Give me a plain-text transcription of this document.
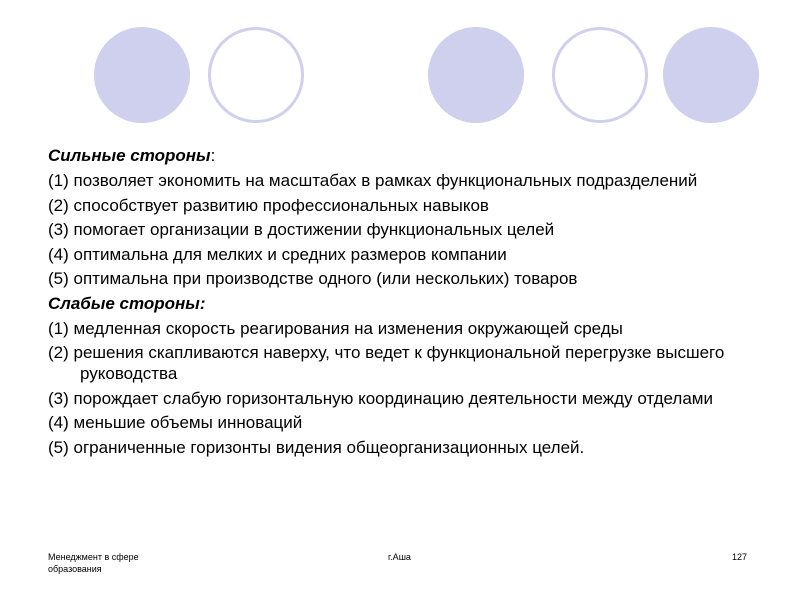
Сильные стороны:

(1) позволяет экономить на масштабах в рамках функциональных подразделений

(2) способствует развитию профессиональных навыков

(3) помогает организации в достижении функциональных целей

(4) оптимальна для мелких и средних размеров компании

(5) оптимальна при производстве одного (или нескольких) товаров

Слабые стороны:

(1) медленная скорость реагирования на изменения окружающей среды

(2) решения скапливаются наверху, что ведет к функциональной перегрузке высшего руководства

(3) порождает слабую горизонтальную координацию деятельности между отделами

(4) меньшие объемы инноваций

(5) ограниченные горизонты видения общеорганизационных целей.

Менеджмент в сфере образования
г.Аша	127
